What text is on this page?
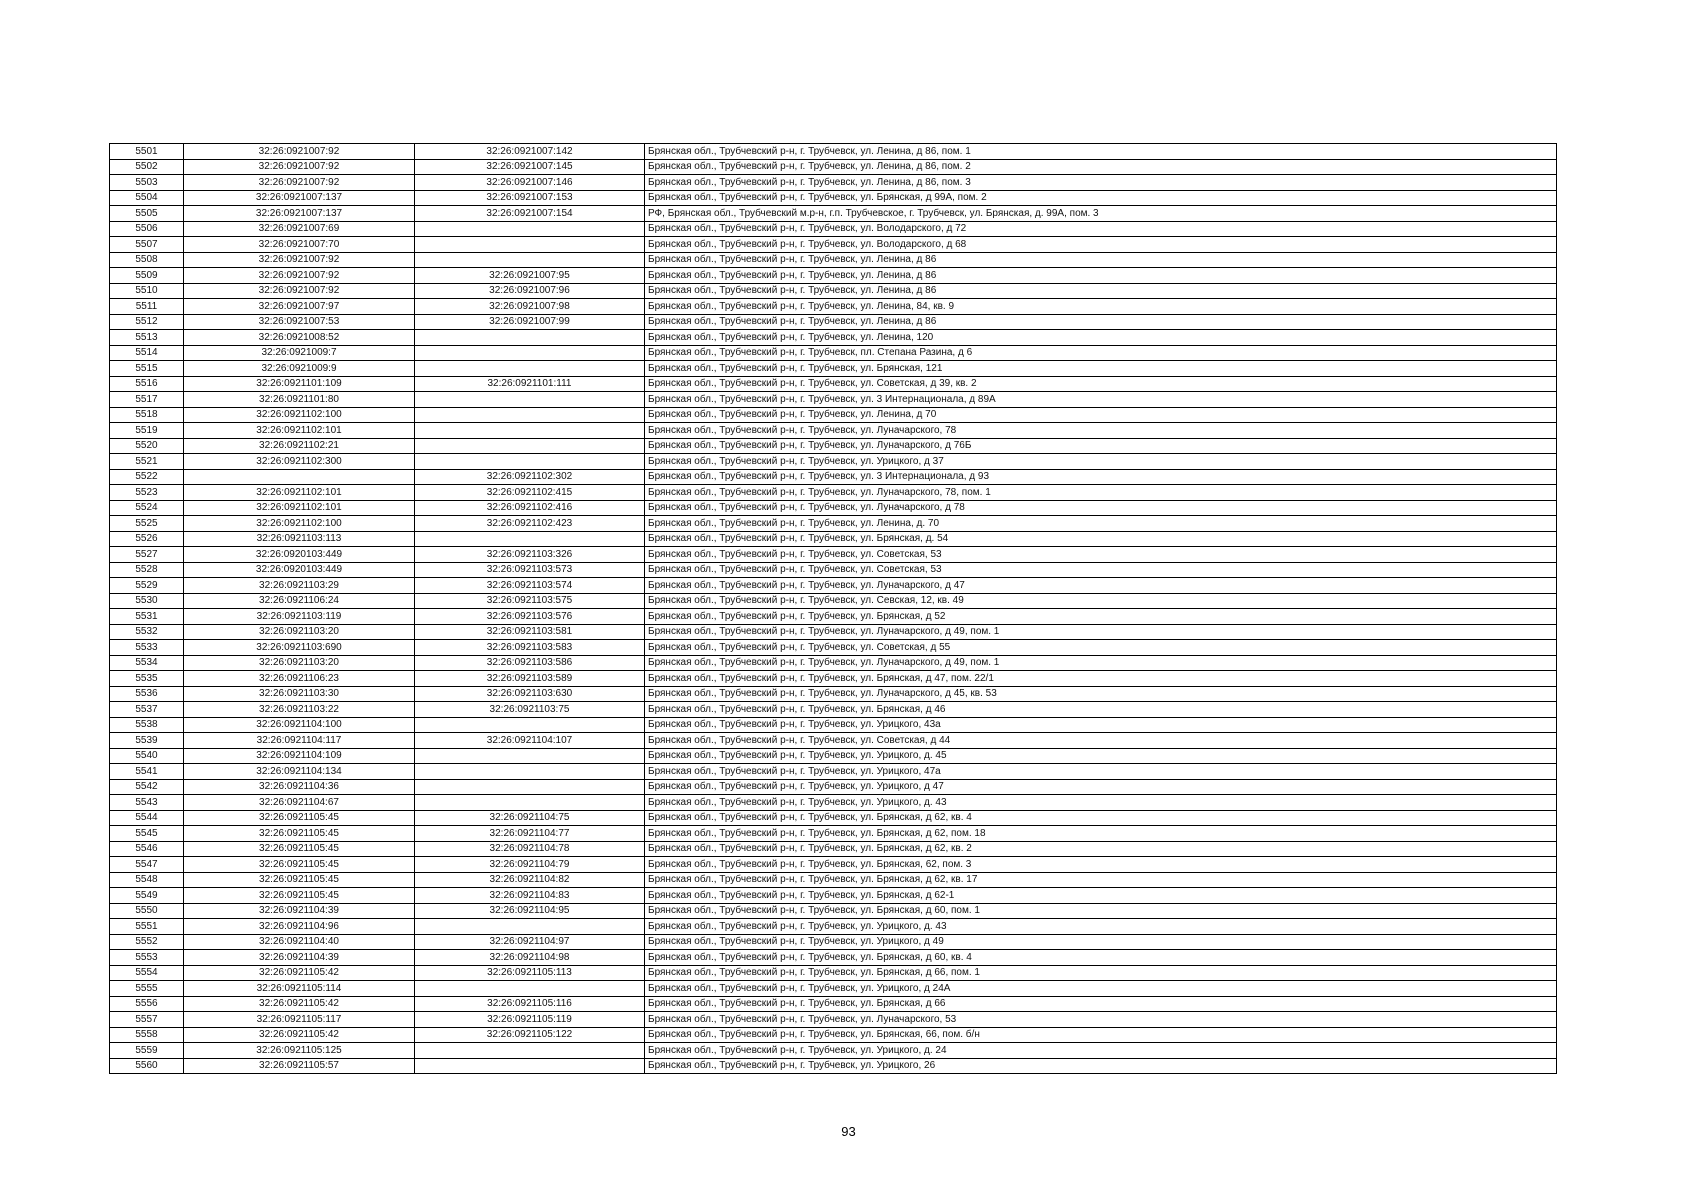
5501	32:26:0921007:92	32:26:0921007:142	Брянская обл., Трубчевский р-н, г. Трубчевск, ул. Ленина, д 86, пом. 1
5502	32:26:0921007:92	32:26:0921007:145	Брянская обл., Трубчевский р-н, г. Трубчевск, ул. Ленина, д 86, пом. 2
5503	32:26:0921007:92	32:26:0921007:146	Брянская обл., Трубчевский р-н, г. Трубчевск, ул. Ленина, д 86, пом. 3
5504	32:26:0921007:137	32:26:0921007:153	Брянская обл., Трубчевский р-н, г. Трубчевск, ул. Брянская, д 99А, пом. 2
5505	32:26:0921007:137	32:26:0921007:154	РФ, Брянская обл., Трубчевский м.р-н, г.п. Трубчевское, г. Трубчевск, ул. Брянская, д. 99А, пом. 3
5506	32:26:0921007:69		Брянская обл., Трубчевский р-н, г. Трубчевск, ул. Володарского, д 72
5507	32:26:0921007:70		Брянская обл., Трубчевский р-н, г. Трубчевск, ул. Володарского, д 68
5508	32:26:0921007:92		Брянская обл., Трубчевский р-н, г. Трубчевск, ул. Ленина, д 86
5509	32:26:0921007:92	32:26:0921007:95	Брянская обл., Трубчевский р-н, г. Трубчевск, ул. Ленина, д 86
5510	32:26:0921007:92	32:26:0921007:96	Брянская обл., Трубчевский р-н, г. Трубчевск, ул. Ленина, д 86
5511	32:26:0921007:97	32:26:0921007:98	Брянская обл., Трубчевский р-н, г. Трубчевск, ул. Ленина, 84, кв. 9
5512	32:26:0921007:53	32:26:0921007:99	Брянская обл., Трубчевский р-н, г. Трубчевск, ул. Ленина, д 86
5513	32:26:0921008:52		Брянская обл., Трубчевский р-н, г. Трубчевск, ул. Ленина, 120
5514	32:26:0921009:7		Брянская обл., Трубчевский р-н, г. Трубчевск, пл. Степана Разина, д 6
5515	32:26:0921009:9		Брянская обл., Трубчевский р-н, г. Трубчевск, ул. Брянская, 121
5516	32:26:0921101:109	32:26:0921101:111	Брянская обл., Трубчевский р-н, г. Трубчевск, ул. Советская, д 39, кв. 2
5517	32:26:0921101:80		Брянская обл., Трубчевский р-н, г. Трубчевск, ул. 3 Интернационала, д 89А
5518	32:26:0921102:100		Брянская обл., Трубчевский р-н, г. Трубчевск, ул. Ленина, д 70
5519	32:26:0921102:101		Брянская обл., Трубчевский р-н, г. Трубчевск, ул. Луначарского, 78
5520	32:26:0921102:21		Брянская обл., Трубчевский р-н, г. Трубчевск, ул. Луначарского, д 76Б
5521	32:26:0921102:300		Брянская обл., Трубчевский р-н, г. Трубчевск, ул. Урицкого, д 37
5522		32:26:0921102:302	Брянская обл., Трубчевский р-н, г. Трубчевск, ул. 3 Интернационала, д 93
5523	32:26:0921102:101	32:26:0921102:415	Брянская обл., Трубчевский р-н, г. Трубчевск, ул. Луначарского, 78, пом. 1
5524	32:26:0921102:101	32:26:0921102:416	Брянская обл., Трубчевский р-н, г. Трубчевск, ул. Луначарского, д 78
5525	32:26:0921102:100	32:26:0921102:423	Брянская обл., Трубчевский р-н, г. Трубчевск, ул. Ленина, д. 70
5526	32:26:0921103:113		Брянская обл., Трубчевский р-н, г. Трубчевск, ул. Брянская, д. 54
5527	32:26:0920103:449	32:26:0921103:326	Брянская обл., Трубчевский р-н, г. Трубчевск, ул. Советская, 53
5528	32:26:0920103:449	32:26:0921103:573	Брянская обл., Трубчевский р-н, г. Трубчевск, ул. Советская, 53
5529	32:26:0921103:29	32:26:0921103:574	Брянская обл., Трубчевский р-н, г. Трубчевск, ул. Луначарского, д 47
5530	32:26:0921106:24	32:26:0921103:575	Брянская обл., Трубчевский р-н, г. Трубчевск, ул. Севская, 12, кв. 49
5531	32:26:0921103:119	32:26:0921103:576	Брянская обл., Трубчевский р-н, г. Трубчевск, ул. Брянская, д 52
5532	32:26:0921103:20	32:26:0921103:581	Брянская обл., Трубчевский р-н, г. Трубчевск, ул. Луначарского, д 49, пом. 1
5533	32:26:0921103:690	32:26:0921103:583	Брянская обл., Трубчевский р-н, г. Трубчевск, ул. Советская, д 55
5534	32:26:0921103:20	32:26:0921103:586	Брянская обл., Трубчевский р-н, г. Трубчевск, ул. Луначарского, д 49, пом. 1
5535	32:26:0921106:23	32:26:0921103:589	Брянская обл., Трубчевский р-н, г. Трубчевск, ул. Брянская, д 47, пом. 22/1
5536	32:26:0921103:30	32:26:0921103:630	Брянская обл., Трубчевский р-н, г. Трубчевск, ул. Луначарского, д 45, кв. 53
5537	32:26:0921103:22	32:26:0921103:75	Брянская обл., Трубчевский р-н, г. Трубчевск, ул. Брянская, д 46
5538	32:26:0921104:100		Брянская обл., Трубчевский р-н, г. Трубчевск, ул. Урицкого, 43а
5539	32:26:0921104:117	32:26:0921104:107	Брянская обл., Трубчевский р-н, г. Трубчевск, ул. Советская, д 44
5540	32:26:0921104:109		Брянская обл., Трубчевский р-н, г. Трубчевск, ул. Урицкого, д. 45
5541	32:26:0921104:134		Брянская обл., Трубчевский р-н, г. Трубчевск, ул. Урицкого, 47а
5542	32:26:0921104:36		Брянская обл., Трубчевский р-н, г. Трубчевск, ул. Урицкого, д 47
5543	32:26:0921104:67		Брянская обл., Трубчевский р-н, г. Трубчевск, ул. Урицкого, д. 43
5544	32:26:0921105:45	32:26:0921104:75	Брянская обл., Трубчевский р-н, г. Трубчевск, ул. Брянская, д 62, кв. 4
5545	32:26:0921105:45	32:26:0921104:77	Брянская обл., Трубчевский р-н, г. Трубчевск, ул. Брянская, д 62, пом. 18
5546	32:26:0921105:45	32:26:0921104:78	Брянская обл., Трубчевский р-н, г. Трубчевск, ул. Брянская, д 62, кв. 2
5547	32:26:0921105:45	32:26:0921104:79	Брянская обл., Трубчевский р-н, г. Трубчевск, ул. Брянская, 62, пом. 3
5548	32:26:0921105:45	32:26:0921104:82	Брянская обл., Трубчевский р-н, г. Трубчевск, ул. Брянская, д 62, кв. 17
5549	32:26:0921105:45	32:26:0921104:83	Брянская обл., Трубчевский р-н, г. Трубчевск, ул. Брянская, д 62-1
5550	32:26:0921104:39	32:26:0921104:95	Брянская обл., Трубчевский р-н, г. Трубчевск, ул. Брянская, д 60, пом. 1
5551	32:26:0921104:96		Брянская обл., Трубчевский р-н, г. Трубчевск, ул. Урицкого, д. 43
5552	32:26:0921104:40	32:26:0921104:97	Брянская обл., Трубчевский р-н, г. Трубчевск, ул. Урицкого, д 49
5553	32:26:0921104:39	32:26:0921104:98	Брянская обл., Трубчевский р-н, г. Трубчевск, ул. Брянская, д 60, кв. 4
5554	32:26:0921105:42	32:26:0921105:113	Брянская обл., Трубчевский р-н, г. Трубчевск, ул. Брянская, д 66, пом. 1
5555	32:26:0921105:114		Брянская обл., Трубчевский р-н, г. Трубчевск, ул. Урицкого, д 24А
5556	32:26:0921105:42	32:26:0921105:116	Брянская обл., Трубчевский р-н, г. Трубчевск, ул. Брянская, д 66
5557	32:26:0921105:117	32:26:0921105:119	Брянская обл., Трубчевский р-н, г. Трубчевск, ул. Луначарского, 53
5558	32:26:0921105:42	32:26:0921105:122	Брянская обл., Трубчевский р-н, г. Трубчевск, ул. Брянская, 66, пом. б/н
5559	32:26:0921105:125		Брянская обл., Трубчевский р-н, г. Трубчевск, ул. Урицкого, д. 24
5560	32:26:0921105:57		Брянская обл., Трубчевский р-н, г. Трубчевск, ул. Урицкого, 26
93
